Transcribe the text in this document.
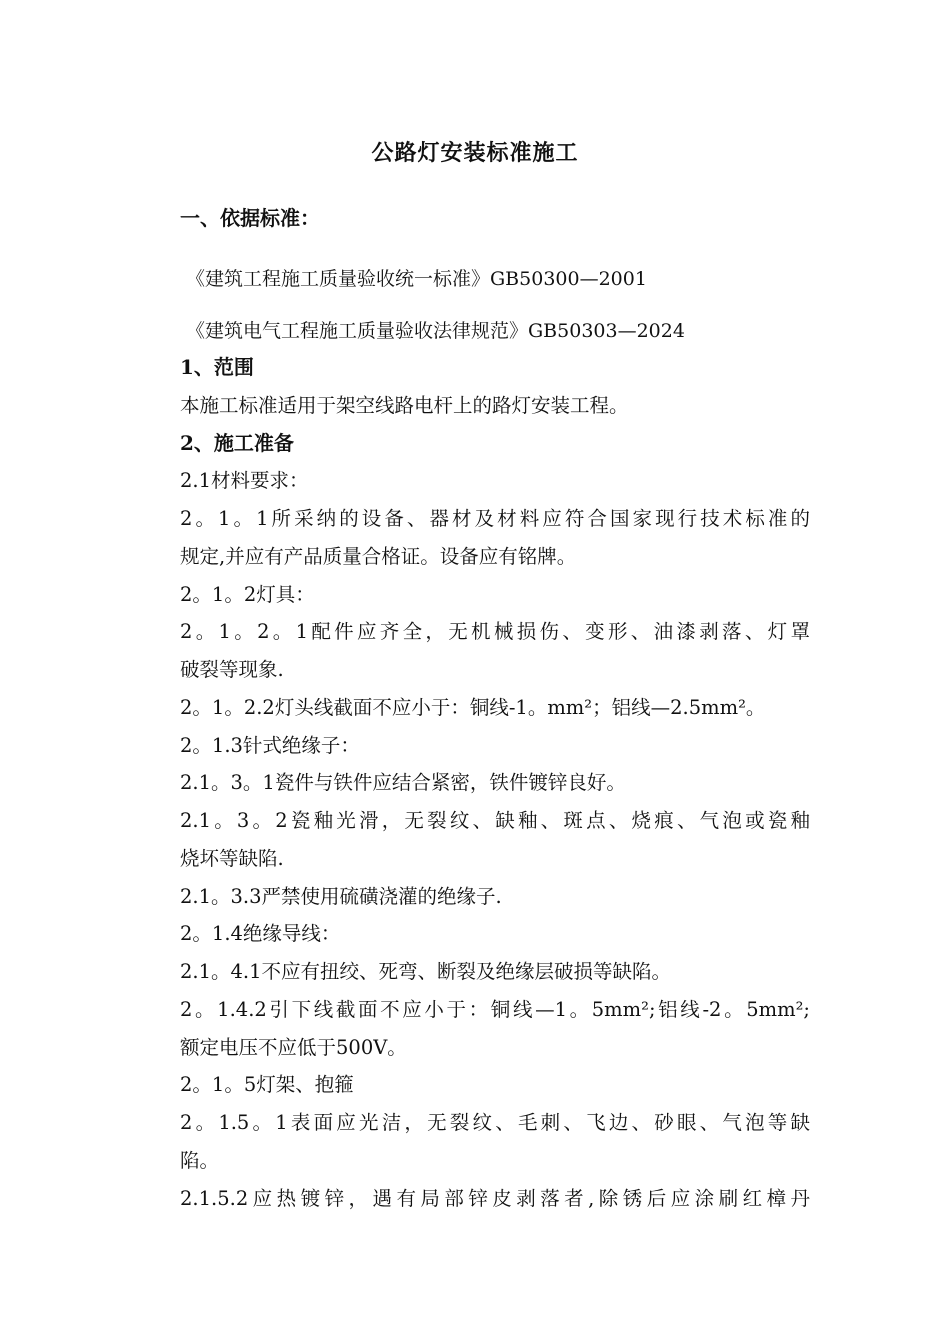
公路灯安装标准施工
一、依据标准：
《建筑工程施工质量验收统一标准》GB50300—2001
《建筑电气工程施工质量验收法律规范》GB50303—2024
1、范围
本施工标准适用于架空线路电杆上的路灯安装工程。
2、施工准备
2.1材料要求：
2。1。1所采纳的设备、器材及材料应符合国家现行技术标准的
规定,并应有产品质量合格证。设备应有铭牌。
2。1。2灯具：
2。1。2。1配件应齐全，无机械损伤、变形、油漆剥落、灯罩
破裂等现象.
2。1。2.2灯头线截面不应小于：铜线-1。mm²；铝线—2.5mm²。
2。1.3针式绝缘子：
2.1。3。1瓷件与铁件应结合紧密，铁件镀锌良好。
2.1。3。2瓷釉光滑，无裂纹、缺釉、斑点、烧痕、气泡或瓷釉
烧坏等缺陷.
2.1。3.3严禁使用硫磺浇灌的绝缘子.
2。1.4绝缘导线：
2.1。4.1不应有扭绞、死弯、断裂及绝缘层破损等缺陷。
2。1.4.2引下线截面不应小于：铜线—1。5mm²;铝线-2。5mm²;
额定电压不应低于500V。
2。1。5灯架、抱箍
2。1.5。1表面应光洁，无裂纹、毛刺、飞边、砂眼、气泡等缺
陷。
2.1.5.2应热镀锌，遇有局部锌皮剥落者,除锈后应涂刷红樟丹
